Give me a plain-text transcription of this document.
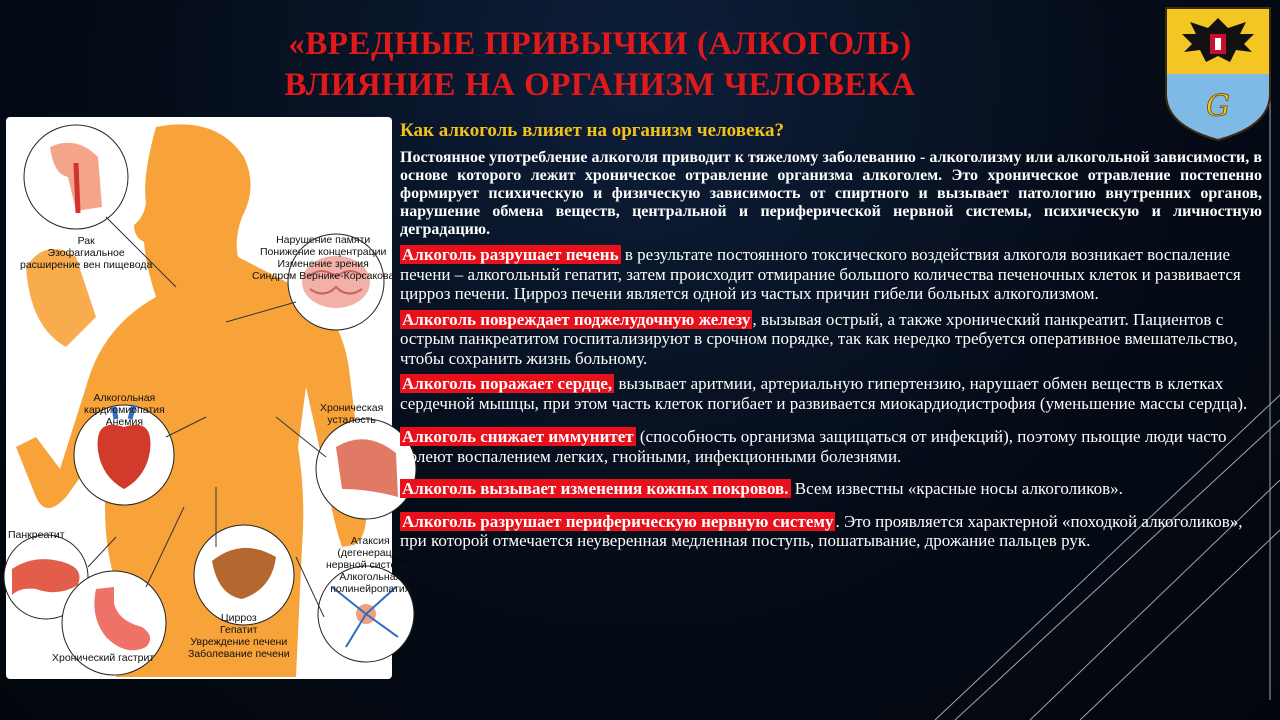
«ВРЕДНЫЕ ПРИВЫЧКИ (АЛКОГОЛЬ)
ВЛИЯНИЕ НА ОРГАНИЗМ ЧЕЛОВЕКА
G
Рак
Эзофагиальное
расширение вен пищевода
Нарушение памяти
Понижение концентрации
Изменение зрения
Синдром Вернике-Корсакова
Алкогольная
кардиомиопатия
Анемия
Хроническая
усталость
Панкреатит	Атаксия
(дегенерация
нервной системы)
Алкогольная
полинейропатия
Цирроз
Гепатит
Увреждение печени
Заболевание печени
Хронический гастрит

Как алкоголь влияет на организм человека?

Постоянное употребление алкоголя приводит к тяжелому заболеванию - алкоголизму или алкогольной зависимости, в основе которого лежит хроническое отравление организма алкоголем. Это хроническое отравление постепенно формирует психическую и физическую зависимость от спиртного и вызывает патологию внутренних органов, нарушение обмена веществ, центральной и периферической нервной системы, психическую и личностную деградацию.

Алкоголь разрушает печень в результате постоянного токсического воздействия алкоголя возникает воспаление печени – алкогольный гепатит, затем происходит отмирание большого количества печеночных клеток и развивается цирроз печени. Цирроз печени является одной из частых причин гибели больных алкоголизмом.

Алкоголь повреждает поджелудочную железу , вызывая острый, а также хронический панкреатит. Пациентов с острым панкреатитом госпитализируют в срочном порядке, так как нередко требуется оперативное вмешательство, чтобы сохранить жизнь больному.

Алкоголь поражает сердце, вызывает аритмии, артериальную гипертензию, нарушает обмен веществ в клетках сердечной мышцы, при этом часть клеток погибает и развивается миокардиодистрофия (уменьшение массы сердца).

Алкоголь снижает иммунитет (способность организма защищаться от инфекций), поэтому пьющие люди часто болеют воспалением легких, гнойными, инфекционными болезнями.

Алкоголь вызывает изменения кожных покровов. Всем известны «красные носы алкоголиков».

Алкоголь разрушает периферическую нервную систему . Это проявляется характерной «походкой алкоголиков», при которой отмечается неуверенная медленная поступь, пошатывание, дрожание пальцев рук.
